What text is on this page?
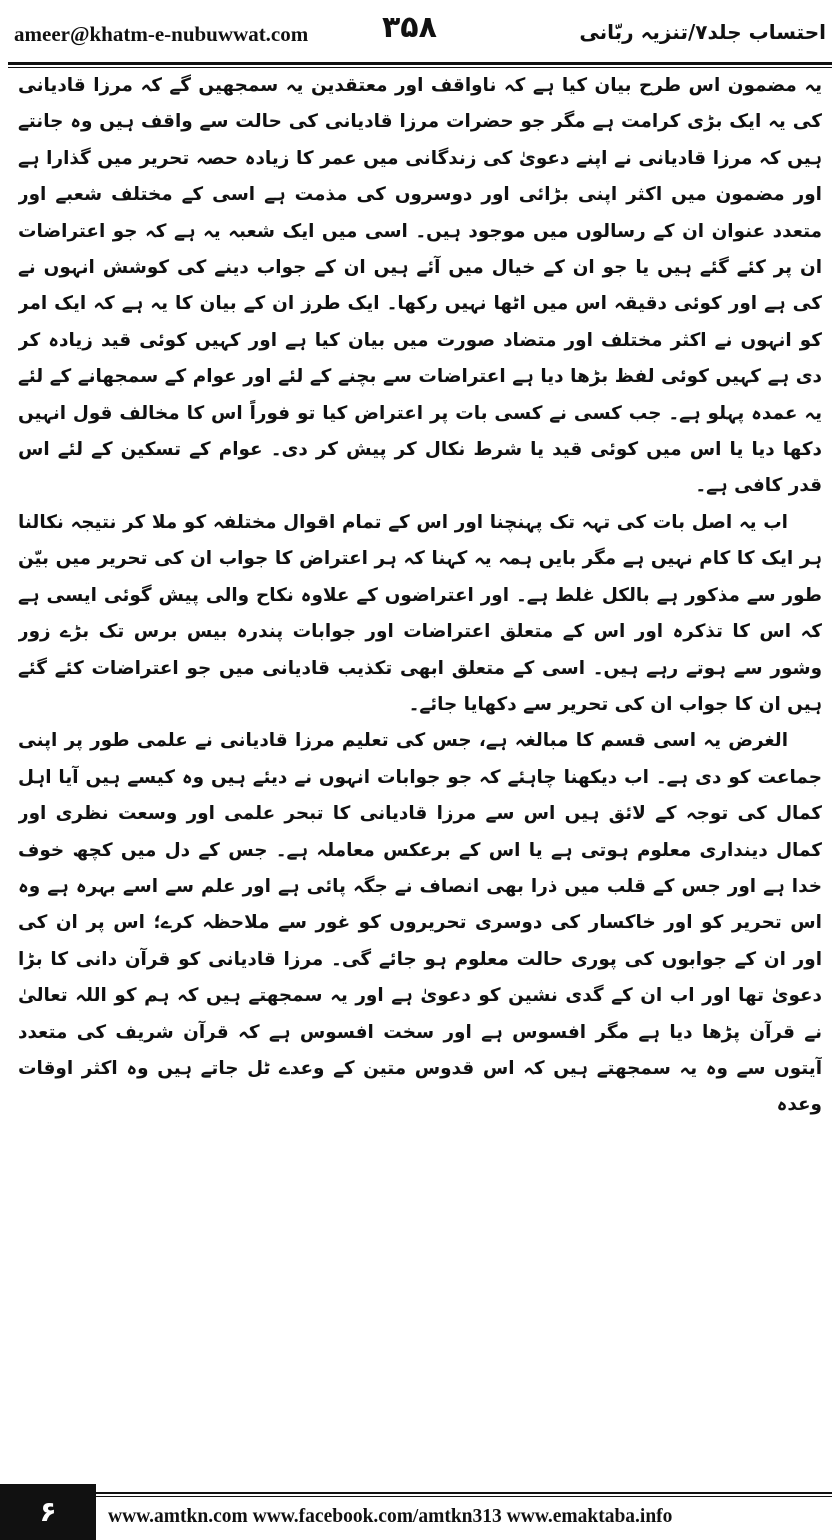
ameer@khatm-e-nubuwwat.com ۳۵۸	احتساب جلد۷/تنزیہ ربّانی

یہ مضمون اس طرح بیان کیا ہے کہ ناواقف اور معتقدین یہ سمجھیں گے کہ مرزا قادیانی کی یہ ایک بڑی کرامت ہے مگر جو حضرات مرزا قادیانی کی حالت سے واقف ہیں وہ جانتے ہیں کہ مرزا قادیانی نے اپنے دعویٰ کی زندگانی میں عمر کا زیادہ حصہ تحریر میں گذارا ہے اور مضمون میں اکثر اپنی بڑائی اور دوسروں کی مذمت ہے اسی کے مختلف شعبے اور متعدد عنوان ان کے رسالوں میں موجود ہیں۔ اسی میں ایک شعبہ یہ ہے کہ جو اعتراضات ان پر کئے گئے ہیں یا جو ان کے خیال میں آئے ہیں ان کے جواب دینے کی کوشش انہوں نے کی ہے اور کوئی دقیقہ اس میں اٹھا نہیں رکھا۔ ایک طرز ان کے بیان کا یہ ہے کہ ایک امر کو انہوں نے اکثر مختلف اور متضاد صورت میں بیان کیا ہے اور کہیں کوئی قید زیادہ کر دی ہے کہیں کوئی لفظ بڑھا دیا ہے اعتراضات سے بچنے کے لئے اور عوام کے سمجھانے کے لئے یہ عمدہ پہلو ہے۔ جب کسی نے کسی بات پر اعتراض کیا تو فوراً اس کا مخالف قول انہیں دکھا دیا یا اس میں کوئی قید یا شرط نکال کر پیش کر دی۔ عوام کے تسکین کے لئے اس قدر کافی ہے۔

اب یہ اصل بات کی تہہ تک پہنچنا اور اس کے تمام اقوال مختلفہ کو ملا کر نتیجہ نکالنا ہر ایک کا کام نہیں ہے مگر بایں ہمہ یہ کہنا کہ ہر اعتراض کا جواب ان کی تحریر میں بیّن طور سے مذکور ہے بالکل غلط ہے۔ اور اعتراضوں کے علاوہ نکاح والی پیش گوئی ایسی ہے کہ اس کا تذکرہ اور اس کے متعلق اعتراضات اور جوابات پندرہ بیس برس تک بڑے زور وشور سے ہوتے رہے ہیں۔ اسی کے متعلق ابھی تکذیب قادیانی میں جو اعتراضات کئے گئے ہیں ان کا جواب ان کی تحریر سے دکھایا جائے۔

الغرض یہ اسی قسم کا مبالغہ ہے، جس کی تعلیم مرزا قادیانی نے علمی طور پر اپنی جماعت کو دی ہے۔ اب دیکھنا چاہئے کہ جو جوابات انہوں نے دیئے ہیں وہ کیسے ہیں آیا اہل کمال کی توجہ کے لائق ہیں اس سے مرزا قادیانی کا تبحر علمی اور وسعت نظری اور کمال دینداری معلوم ہوتی ہے یا اس کے برعکس معاملہ ہے۔ جس کے دل میں کچھ خوف خدا ہے اور جس کے قلب میں ذرا بھی انصاف نے جگہ پائی ہے اور علم سے اسے بہرہ ہے وہ اس تحریر کو اور خاکسار کی دوسری تحریروں کو غور سے ملاحظہ کرے؛ اس پر ان کی اور ان کے جوابوں کی پوری حالت معلوم ہو جائے گی۔ مرزا قادیانی کو قرآن دانی کا بڑا دعویٰ تھا اور اب ان کے گدی نشین کو دعویٰ ہے اور یہ سمجھتے ہیں کہ ہم کو اللہ تعالیٰ نے قرآن پڑھا دیا ہے مگر افسوس ہے اور سخت افسوس ہے کہ قرآن شریف کی متعدد آیتوں سے وہ یہ سمجھتے ہیں کہ اس قدوس متین کے وعدے ٹل جاتے ہیں وہ اکثر اوقات وعدہ

۶	www.amtkn.com www.facebook.com/amtkn313 www.emaktaba.info
